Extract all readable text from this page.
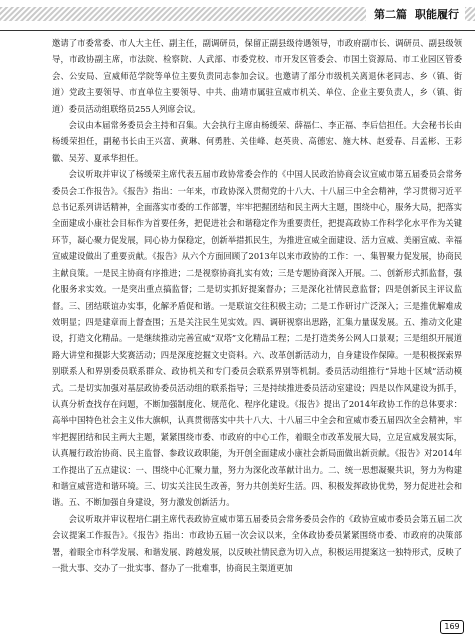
第二篇 职能履行

邀请了市委常委、市人大主任、副主任，副调研员，保留正副县级待遇领导，市政府副市长、调研员、副县级领导，市政协副主席，市法院、检察院、人武部、市委党校、市开发区管委会、市国土资源局、市工业园区管委会、公安局、宣威师范学院等单位主要负责同志参加会议。也邀请了部分市级机关离退休老同志、乡（镇、街道）党政主要领导、市直单位主要领导、中共、曲靖市属驻宣威市机关、单位、企业主要负责人，乡（镇、街道）委员活动组联络员255人列席会议。

会议由本届常务委员会主持和召集。大会执行主席由杨缓荣、薛福仁、李正福、李后信担任。大会秘书长由杨缓荣担任，副秘书长由王兴富、黄琳、何勇胜、关佳峰、赵英贵、高德宏、施大林、赵爱春、吕孟彬、王彩徽、吴芳、夏承华担任。

会议听取并审议了杨缓荣主席代表五届市政协常委会作的《中国人民政治协商会议宣威市第五届委员会常务委员会工作报告》。《报告》指出：一年来，市政协深入贯彻党的十八大、十八届三中全会精神，学习贯彻习近平总书记系列讲话精神，全面落实市委的工作部署，牢牢把握团结和民主两大主题，围绕中心，服务大局，把落实全面建成小康社会目标作为首要任务，把促进社会和谐稳定作为重要责任，把提高政协工作科学化水平作为关键环节，凝心聚力促发展，同心协力保稳定，创新举措抓民生，为推进宣威全面建设、活力宣威、美丽宣威、幸福宣威建设做出了重要贡献。《报告》从六个方面回顾了2013年以来市政协的工作：一、集智聚力促发展，协商民主献良策。一是民主协商有序推进；二是视察协商扎实有效；三是专题协商深入开展。二、创新形式抓监督，强化服务求实效。一是突出重点搞监督；二是切实抓好提案督办；三是深化社情民意监督；四是创新民主评议监督。三、团结联谊办实事，化解矛盾促和谐。一是联谊交往积极主动；二是工作研讨广泛深入；三是推优解难成效明显；四是建章而上督查围；五是关注民生见实效。四、调研视察出思路，汇集力量谋发展。五、推动文化建设，打造文化精品。一是继续推动完善宣威“双塔”文化精品工程；二是打造类务公网人口景观；三是组织开展道路大讲堂和摄影大奖赛活动；四是深度挖掘文史资料。六、改革创新活动力，自身建设作保障。一是积极探索界别联系人和界别委员联系群众、政协机关和专门委员会联系界别等机制。委员活动组推行“异地十区域”活动模式。二是切实加强对基层政协委员活动组的联系指导；三是持续推进委员活动室建设；四是以作风建设为抓手，认真分析查找存在问题，不断加强制度化、规范化、程序化建设。《报告》提出了2014年政协工作的总体要求：高举中国特色社会主义伟大旗帜，认真贯彻落实中共十八大、十八届三中全会和宣威市委五届四次全会精神，牢牢把握团结和民主两大主题，紧紧围绕市委、市政府的中心工作，着眼全市改革发展大局，立足宣威发展实际，认真履行政治协商、民主监督、参政议政职能，为开创全面建成小康社会新局面做出新贡献。《报告》对2014年工作提出了五点建议：一、围绕中心汇聚力量，努力为深化改革献计出力。二、统一思想凝聚共识，努力为构建和谐宣威营造和谐环境。三、切实关注民生改善，努力共创美好生活。四、积极发挥政协优势，努力促进社会和谐。五、不断加强自身建设，努力激发创新活力。

会议听取并审议程培仁副主席代表政协宣威市第五届委员会常务委员会作的《政协宣威市委员会第五届二次会议提案工作报告》。《报告》指出：市政协五届一次会议以来，全体政协委员紧紧围绕市委、市政府的决策部署，着眼全市科学发展、和谐发展、跨越发展，以反映社情民意为切入点，积极运用提案这一独特形式，反映了一批大事、交办了一批实事、督办了一批难事，协商民主渠道更加

169
